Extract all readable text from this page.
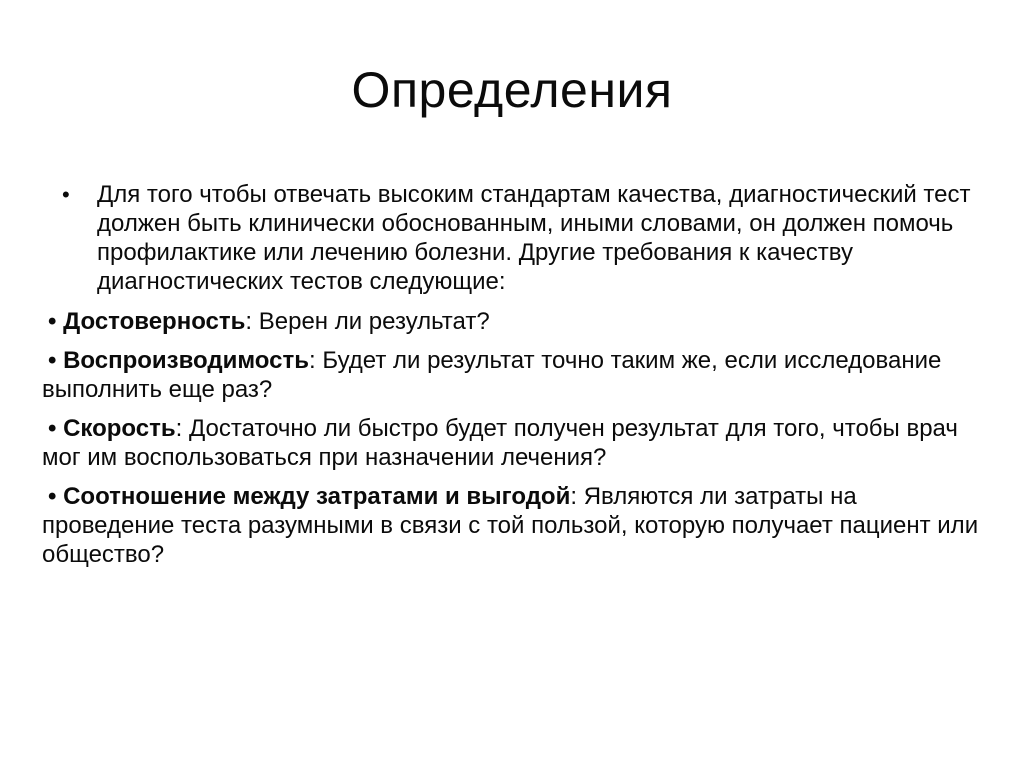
Определения
•	Для того чтобы отвечать высоким стандартам качества, диагностический тест должен быть клинически обоснованным, иными словами, он должен помочь профилактике или лечению болезни. Другие требования к качеству диагностических тестов следующие:

• Достоверность: Верен ли результат?

• Воспроизводимость: Будет ли результат точно таким же, если исследование выполнить еще раз?

• Скорость: Достаточно ли быстро будет получен результат для того, чтобы врач мог им воспользоваться при назначении лечения?

• Соотношение между затратами и выгодой: Являются ли затраты на проведение теста разумными в связи с той пользой, которую получает пациент или общество?
